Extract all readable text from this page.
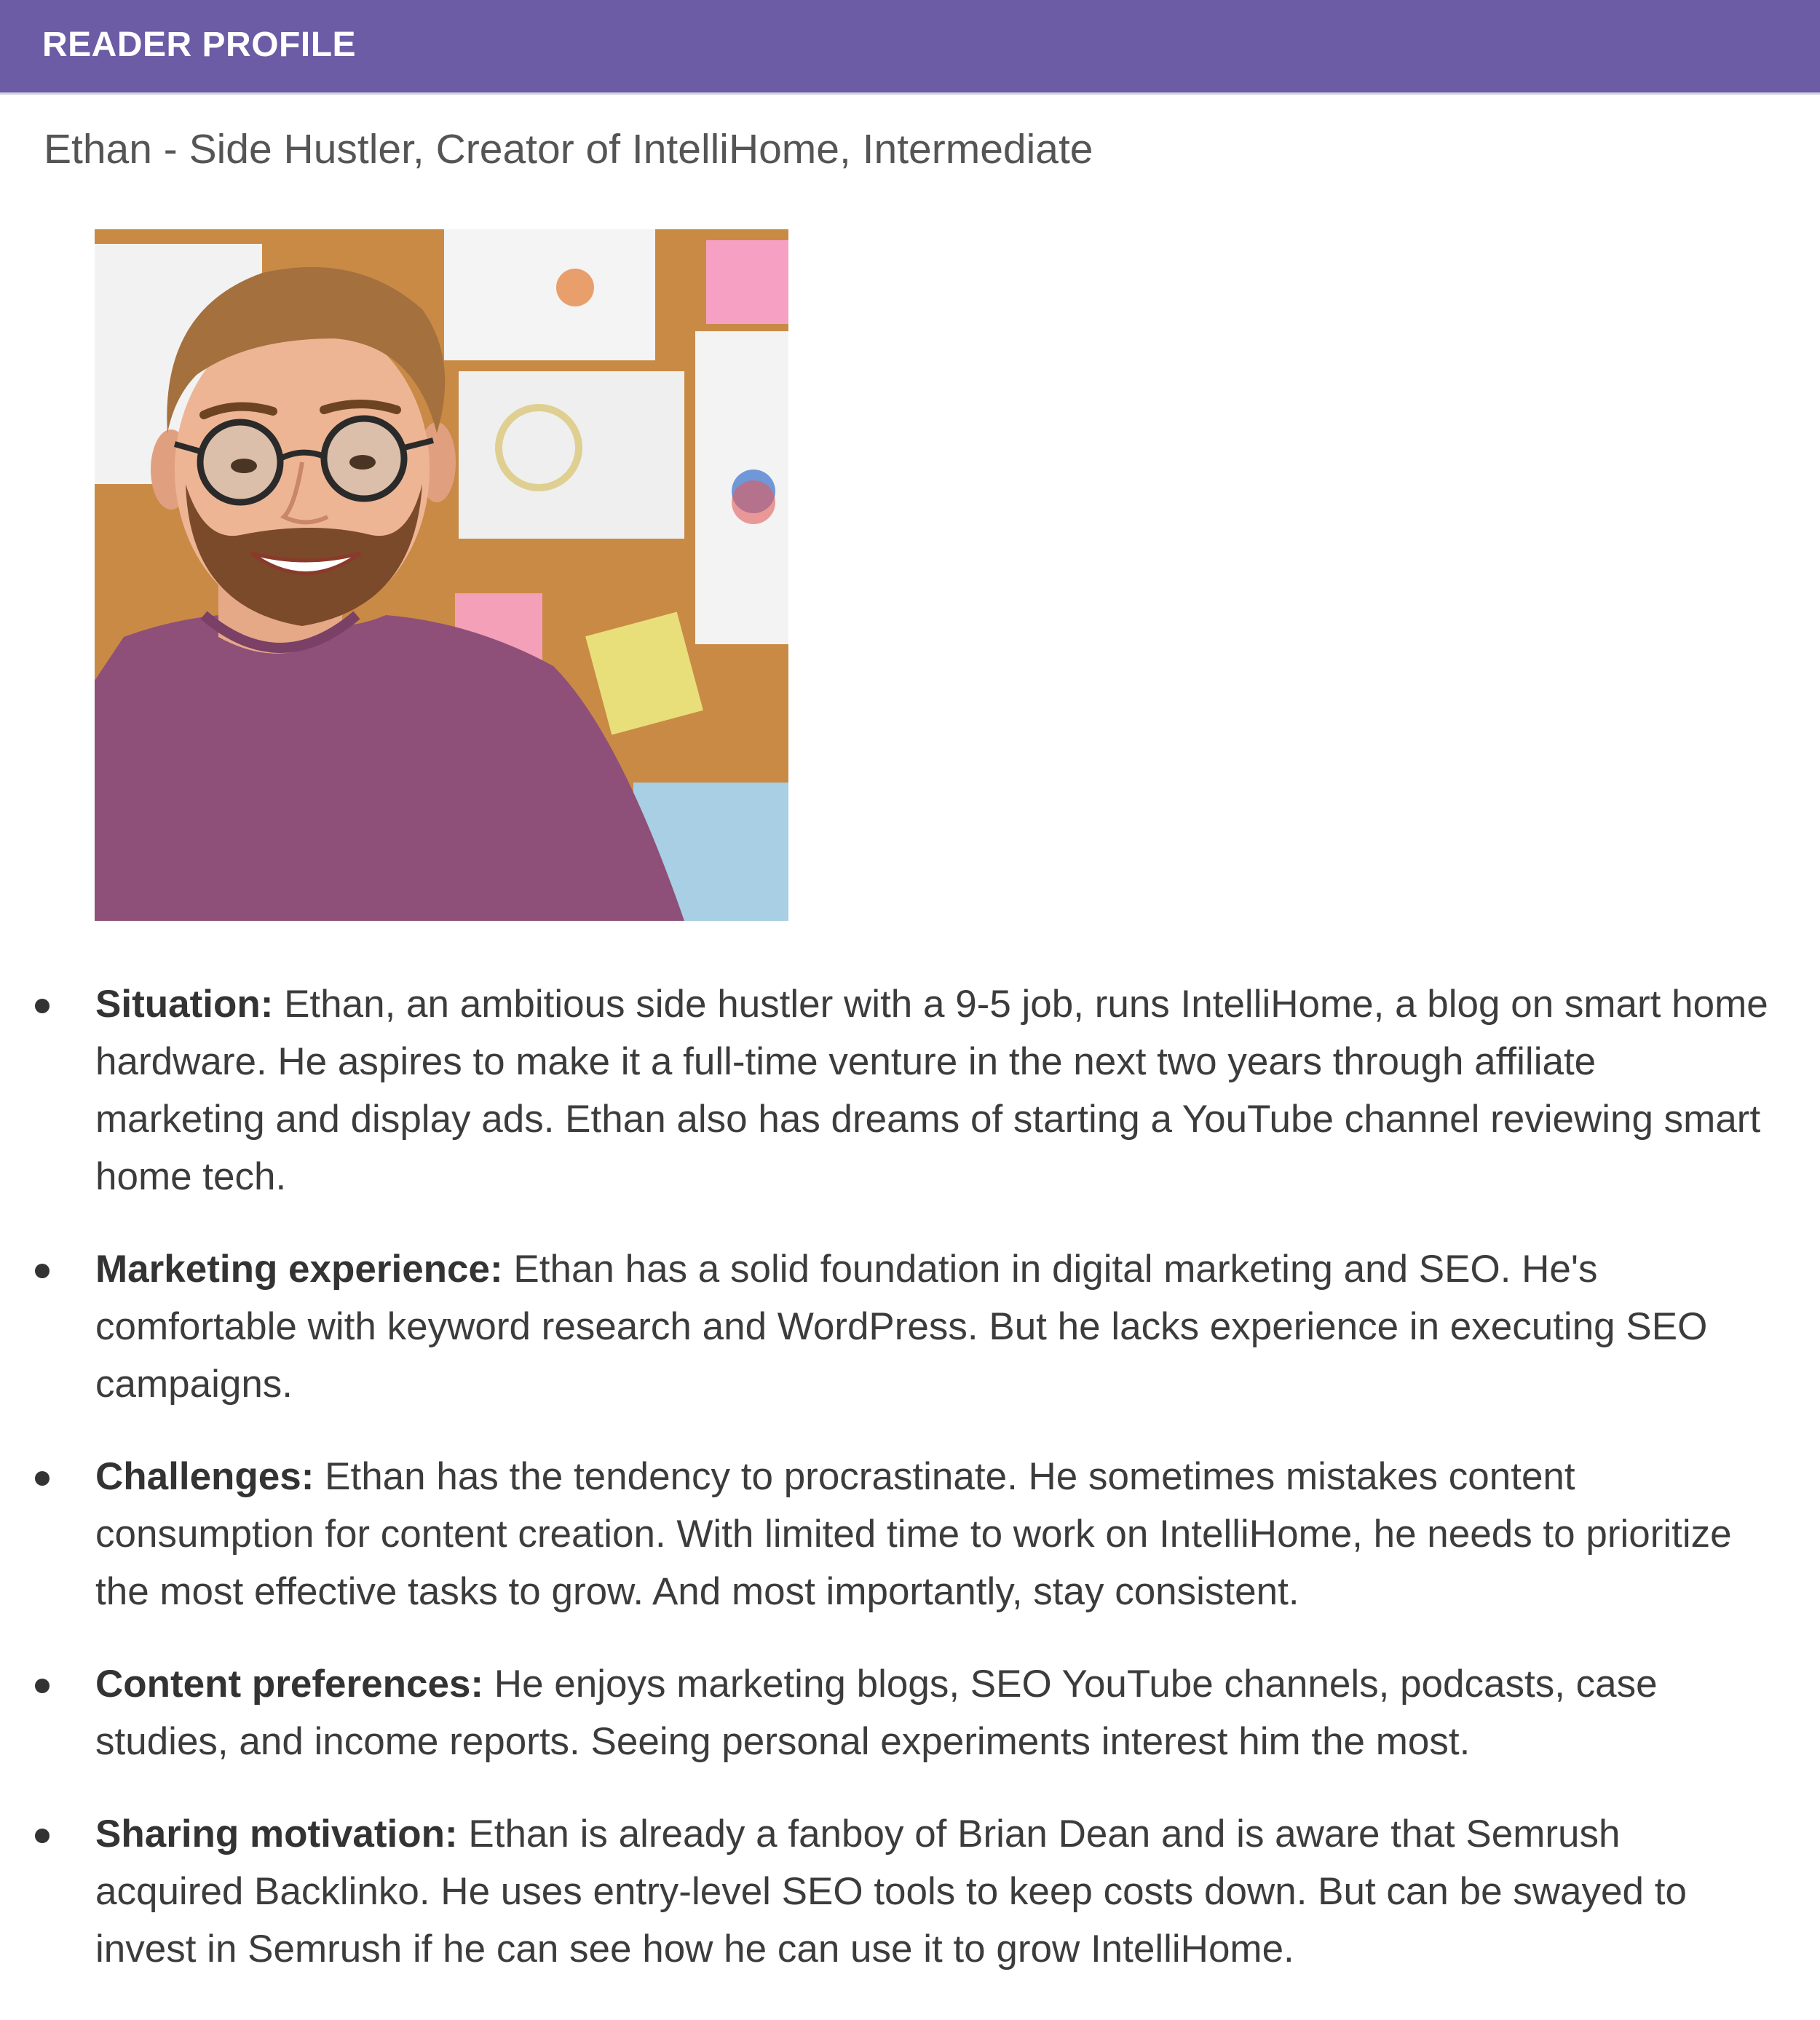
READER PROFILE
Ethan - Side Hustler, Creator of IntelliHome, Intermediate
Situation: Ethan, an ambitious side hustler with a 9-5 job, runs IntelliHome, a blog on smart home hardware. He aspires to make it a full-time venture in the next two years through affiliate marketing and display ads. Ethan also has dreams of starting a YouTube channel reviewing smart home tech.
Marketing experience: Ethan has a solid foundation in digital marketing and SEO. He's comfortable with keyword research and WordPress. But he lacks experience in executing SEO campaigns.
Challenges: Ethan has the tendency to procrastinate. He sometimes mistakes content consumption for content creation. With limited time to work on IntelliHome, he needs to prioritize the most effective tasks to grow. And most importantly, stay consistent.
Content preferences: He enjoys marketing blogs, SEO YouTube channels, podcasts, case studies, and income reports. Seeing personal experiments interest him the most.
Sharing motivation: Ethan is already a fanboy of Brian Dean and is aware that Semrush acquired Backlinko. He uses entry-level SEO tools to keep costs down. But can be swayed to invest in Semrush if he can see how he can use it to grow IntelliHome.
